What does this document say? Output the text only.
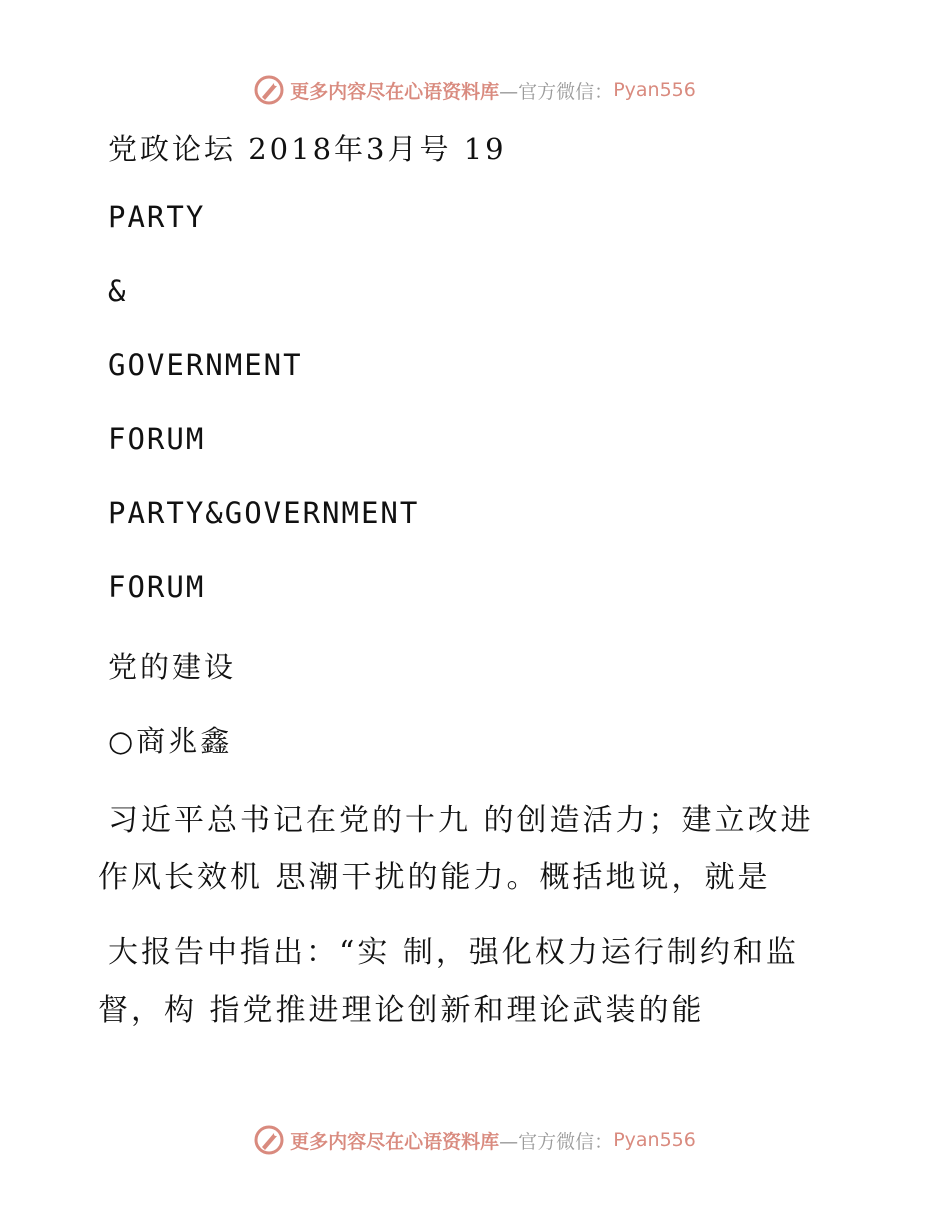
更多内容尽在心语资料库 —官方微信： Pyan556
党政论坛 2018年3月号 19
PARTY
&
GOVERNMENT
FORUM
PARTY&GOVERNMENT
FORUM
党的建设
○商兆鑫
习近平总书记在党的十九 的创造活力；建立改进
作风长效机 思潮干扰的能力。概括地说，就是
大报告中指出：“实 制，强化权力运行制约和监
督，构 指党推进理论创新和理论武装的能
更多内容尽在心语资料库 —官方微信： Pyan556
